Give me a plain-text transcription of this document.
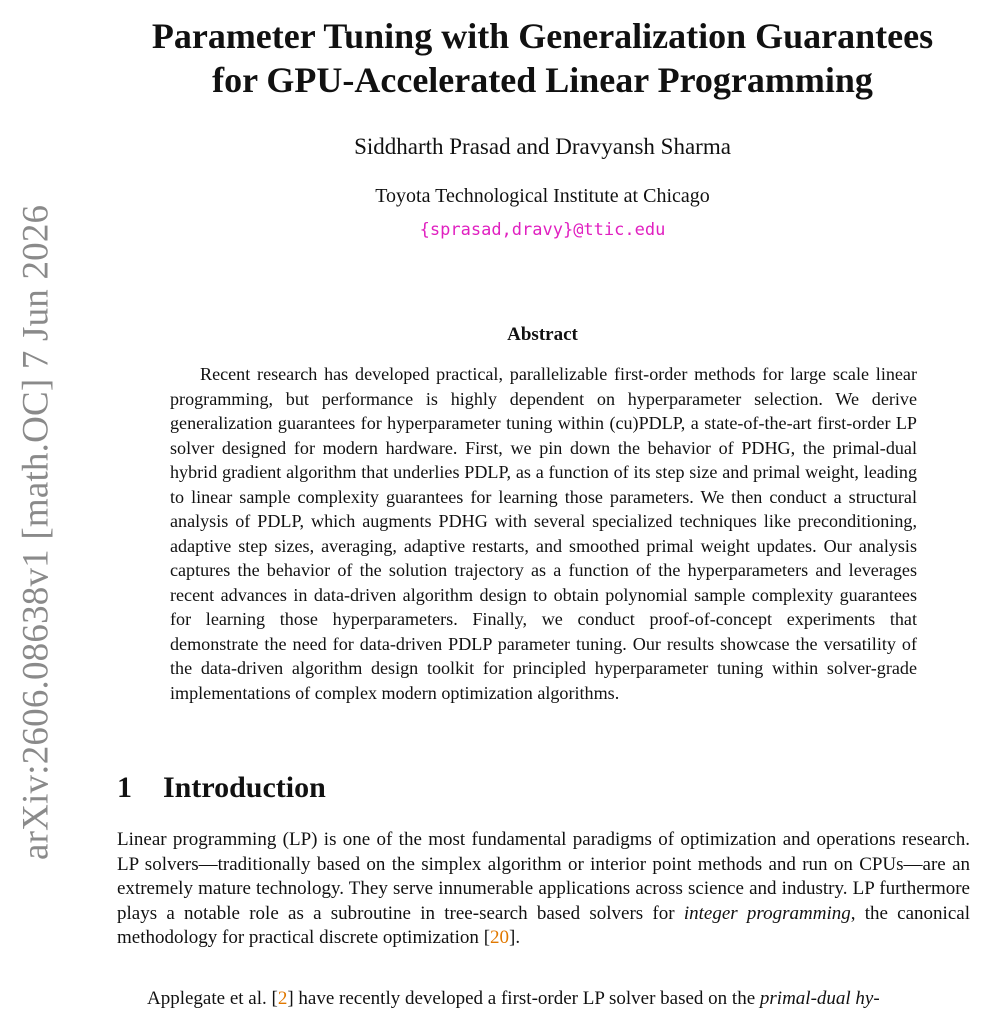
arXiv:2606.08638v1 [math.OC] 7 Jun 2026
Parameter Tuning with Generalization Guarantees
for GPU-Accelerated Linear Programming
Siddharth Prasad and Dravyansh Sharma
Toyota Technological Institute at Chicago
{sprasad,dravy}@ttic.edu
Abstract

Recent research has developed practical, parallelizable first-order methods for large scale linear programming, but performance is highly dependent on hyperparameter selection. We derive generalization guarantees for hyperparameter tuning within (cu)PDLP, a state-of-the-art first-order LP solver designed for modern hardware. First, we pin down the behavior of PDHG, the primal-dual hybrid gradient algorithm that underlies PDLP, as a function of its step size and primal weight, leading to linear sample complexity guarantees for learning those parameters. We then conduct a structural analysis of PDLP, which augments PDHG with several specialized techniques like preconditioning, adaptive step sizes, averaging, adaptive restarts, and smoothed primal weight updates. Our analysis captures the behavior of the solution trajectory as a function of the hyperparameters and leverages recent advances in data-driven algorithm design to obtain polynomial sample complexity guarantees for learning those hyperparameters. Finally, we conduct proof-of-concept experiments that demonstrate the need for data-driven PDLP parameter tuning. Our results showcase the versatility of the data-driven algorithm design toolkit for principled hyperparameter tuning within solver-grade implementations of complex modern optimization algorithms.

1 Introduction

Linear programming (LP) is one of the most fundamental paradigms of optimization and operations research. LP solvers—traditionally based on the simplex algorithm or interior point methods and run on CPUs—are an extremely mature technology. They serve innumerable applications across science and industry. LP furthermore plays a notable role as a subroutine in tree-search based solvers for integer programming, the canonical methodology for practical discrete optimization [20].

Applegate et al. [2] have recently developed a first-order LP solver based on the primal-dual hy-
